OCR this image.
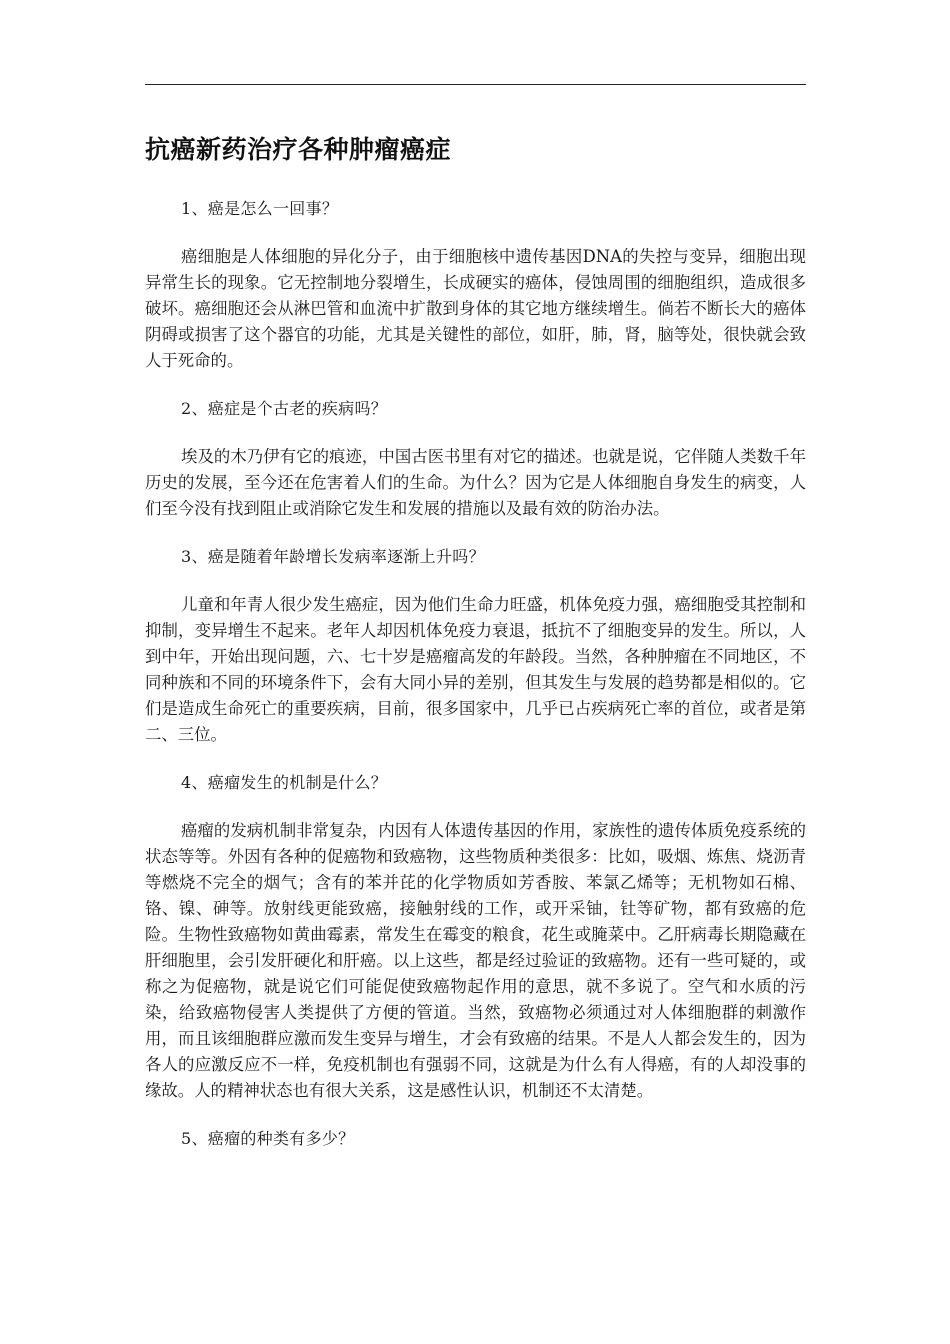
抗癌新药治疗各种肿瘤癌症

1、癌是怎么一回事？

癌细胞是人体细胞的异化分子，由于细胞核中遗传基因DNA的失控与变异，细胞出现异常生长的现象。它无控制地分裂增生，长成硬实的癌体，侵蚀周围的细胞组织，造成很多破坏。癌细胞还会从淋巴管和血流中扩散到身体的其它地方继续增生。倘若不断长大的癌体阴碍或损害了这个器官的功能，尤其是关键性的部位，如肝，肺，肾，脑等处，很快就会致人于死命的。

2、癌症是个古老的疾病吗？

埃及的木乃伊有它的痕迹，中国古医书里有对它的描述。也就是说，它伴随人类数千年历史的发展，至今还在危害着人们的生命。为什么？因为它是人体细胞自身发生的病变，人们至今没有找到阻止或消除它发生和发展的措施以及最有效的防治办法。

3、癌是随着年龄增长发病率逐渐上升吗？

儿童和年青人很少发生癌症，因为他们生命力旺盛，机体免疫力强，癌细胞受其控制和抑制，变异增生不起来。老年人却因机体免疫力衰退，抵抗不了细胞变异的发生。所以，人到中年，开始出现问题，六、七十岁是癌瘤高发的年龄段。当然，各种肿瘤在不同地区，不同种族和不同的环境条件下，会有大同小异的差别，但其发生与发展的趋势都是相似的。它们是造成生命死亡的重要疾病，目前，很多国家中，几乎已占疾病死亡率的首位，或者是第二、三位。

4、癌瘤发生的机制是什么？

癌瘤的发病机制非常复杂，内因有人体遗传基因的作用，家族性的遗传体质免疫系统的状态等等。外因有各种的促癌物和致癌物，这些物质种类很多：比如，吸烟、炼焦、烧沥青等燃烧不完全的烟气；含有的苯并芘的化学物质如芳香胺、苯氯乙烯等；无机物如石棉、铬、镍、砷等。放射线更能致癌，接触射线的工作，或开采铀，钍等矿物，都有致癌的危险。生物性致癌物如黄曲霉素，常发生在霉变的粮食，花生或腌菜中。乙肝病毒长期隐藏在肝细胞里，会引发肝硬化和肝癌。以上这些，都是经过验证的致癌物。还有一些可疑的，或称之为促癌物，就是说它们可能促使致癌物起作用的意思，就不多说了。空气和水质的污染，给致癌物侵害人类提供了方便的管道。当然，致癌物必须通过对人体细胞群的刺激作用，而且该细胞群应激而发生变异与增生，才会有致癌的结果。不是人人都会发生的，因为各人的应激反应不一样，免疫机制也有强弱不同，这就是为什么有人得癌，有的人却没事的缘故。人的精神状态也有很大关系，这是感性认识，机制还不太清楚。

5、癌瘤的种类有多少？
